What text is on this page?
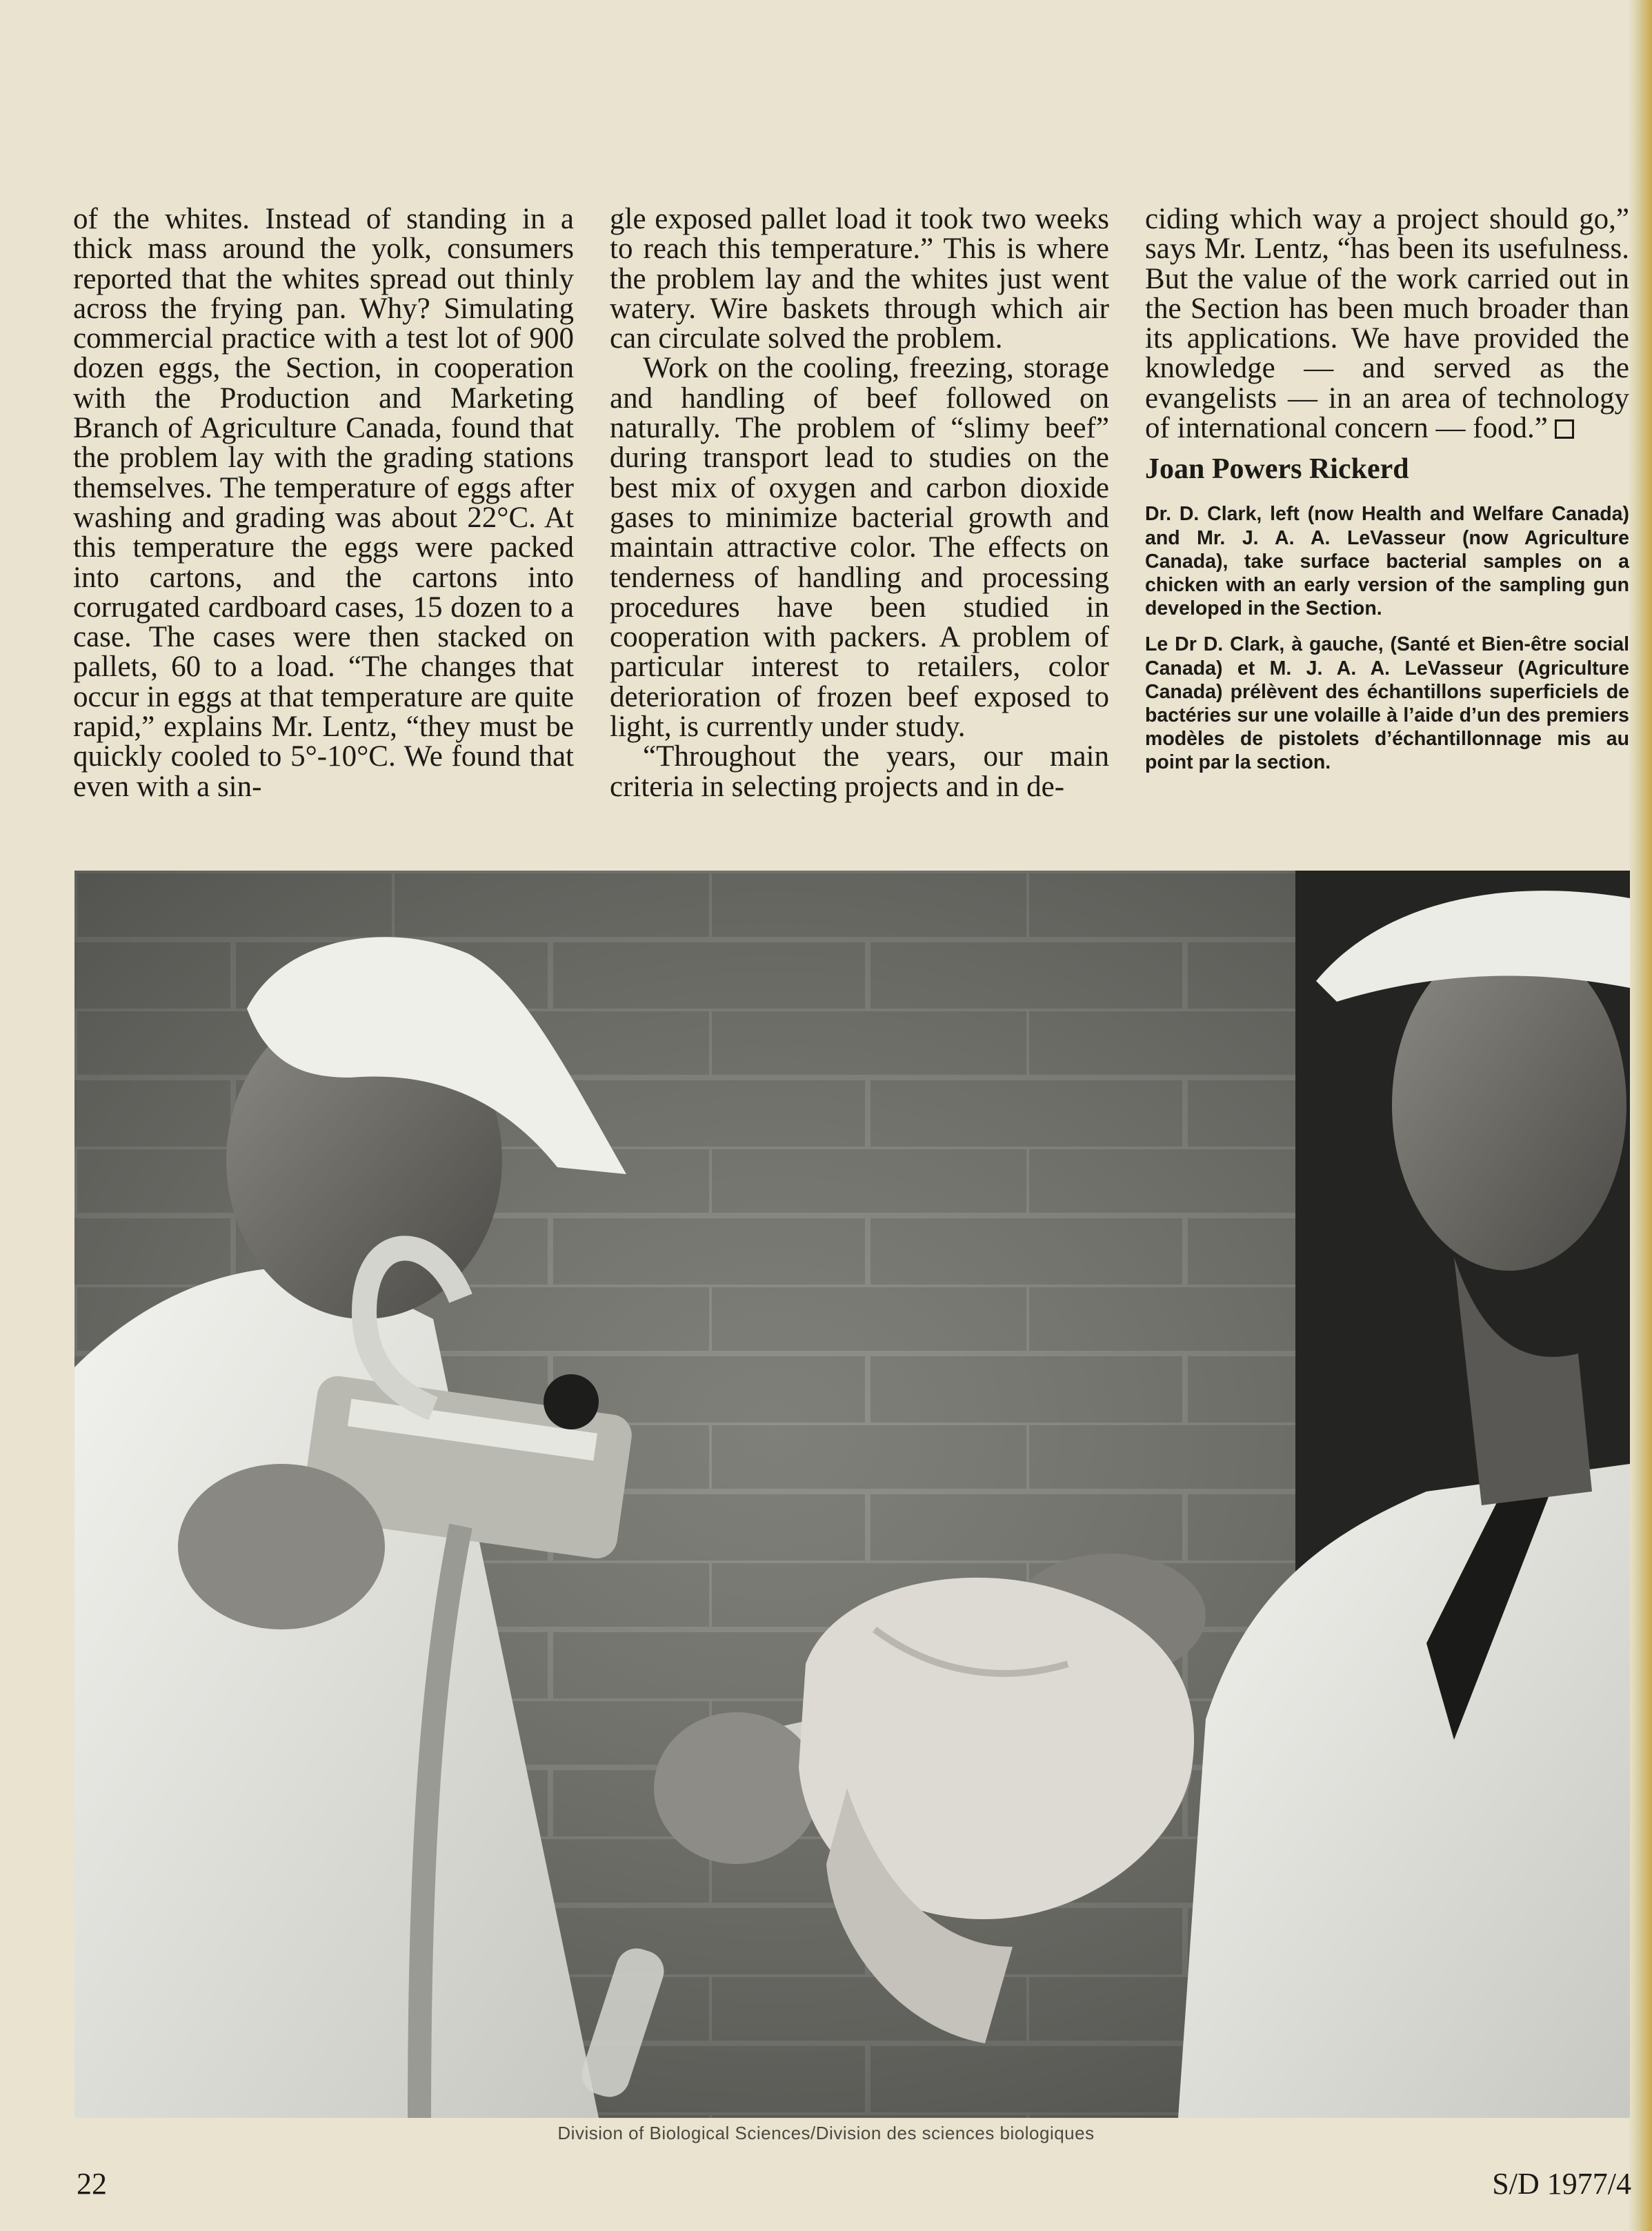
of the whites. Instead of standing in a thick mass around the yolk, consumers reported that the whites spread out thinly across the frying pan. Why? Simulating commercial practice with a test lot of 900 dozen eggs, the Section, in cooperation with the Production and Marketing Branch of Agriculture Canada, found that the problem lay with the grading stations themselves. The temperature of eggs after washing and grading was about 22°C. At this temperature the eggs were packed into cartons, and the cartons into corrugated cardboard cases, 15 dozen to a case. The cases were then stacked on pallets, 60 to a load. “The changes that occur in eggs at that temperature are quite rapid,” explains Mr. Lentz, “they must be quickly cooled to 5°-10°C. We found that even with a sin-

gle exposed pallet load it took two weeks to reach this temperature.” This is where the problem lay and the whites just went watery. Wire baskets through which air can circulate solved the problem.

Work on the cooling, freezing, storage and handling of beef followed on naturally. The problem of “slimy beef” during transport lead to studies on the best mix of oxygen and carbon dioxide gases to minimize bacterial growth and maintain attractive color. The effects on tenderness of handling and processing procedures have been studied in cooperation with packers. A problem of particular interest to retailers, color deterioration of frozen beef exposed to light, is currently under study.

“Throughout the years, our main criteria in selecting projects and in de-

ciding which way a project should go,” says Mr. Lentz, “has been its usefulness. But the value of the work carried out in the Section has been much broader than its applications. We have provided the knowledge — and served as the evangelists — in an area of technology of international concern — food.”

Joan Powers Rickerd

Dr. D. Clark, left (now Health and Welfare Canada) and Mr. J. A. A. LeVasseur (now Agriculture Canada), take surface bacterial samples on a chicken with an early version of the sampling gun developed in the Section.

Le Dr D. Clark, à gauche, (Santé et Bien-être social Canada) et M. J. A. A. LeVasseur (Agriculture Canada) prélèvent des échantillons superficiels de bactéries sur une volaille à l’aide d’un des premiers modèles de pistolets d’échantillonnage mis au point par la section.

Division of Biological Sciences/Division des sciences biologiques
22	S/D 1977/4
